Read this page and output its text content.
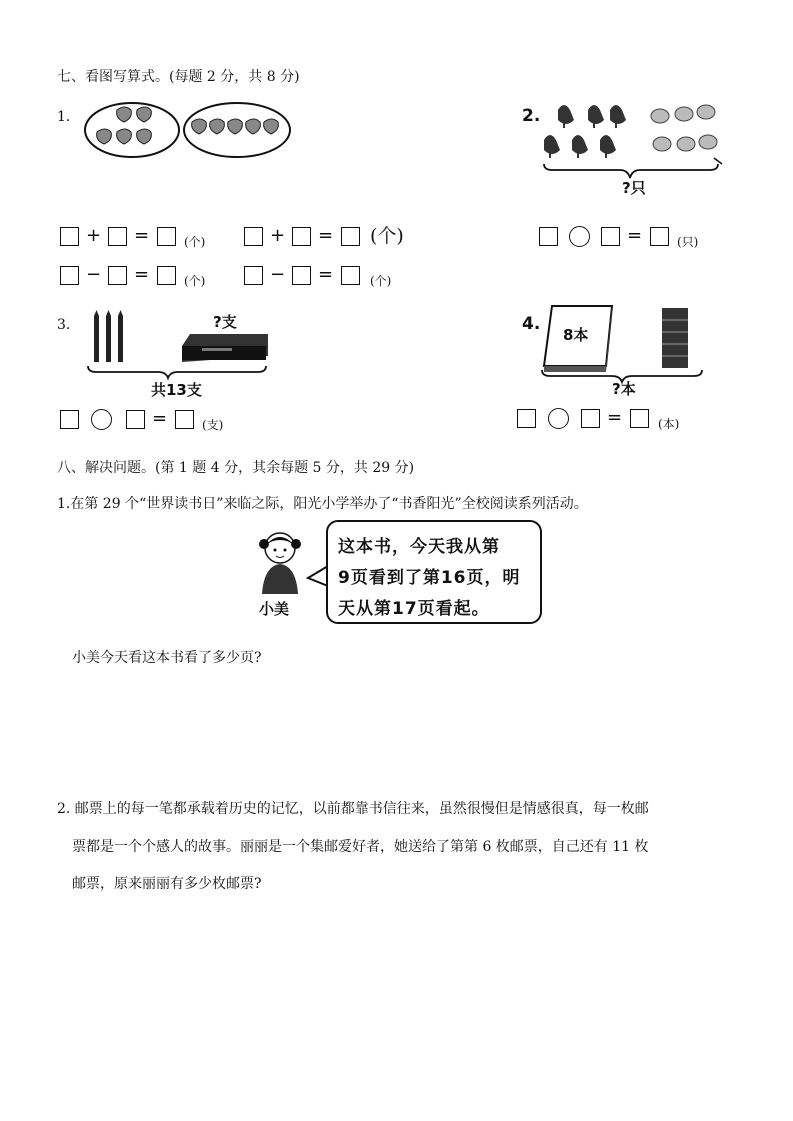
七、看图写算式。(每题 2 分，共 8 分)
1.
+ =	(个)	+ = (个)
− =	(个)	− =	(个)
2.
?只
=	(只)
3.	?支
共13支
=	(支)
4.
8本
?本
=	(本)
八、解决问题。(第 1 题 4 分，其余每题 5 分，共 29 分)
1.在第 29 个“世界读书日”来临之际，阳光小学举办了“书香阳光”全校阅读系列活动。
小美
这本书，今天我从第
9页看到了第16页，明
天从第17页看起。
小美今天看这本书看了多少页?
2. 邮票上的每一笔都承载着历史的记忆，以前都靠书信往来，虽然很慢但是情感很真，每一枚邮
票都是一个个感人的故事。丽丽是一个集邮爱好者，她送给了第第 6 枚邮票，自己还有 11 枚
邮票，原来丽丽有多少枚邮票?
